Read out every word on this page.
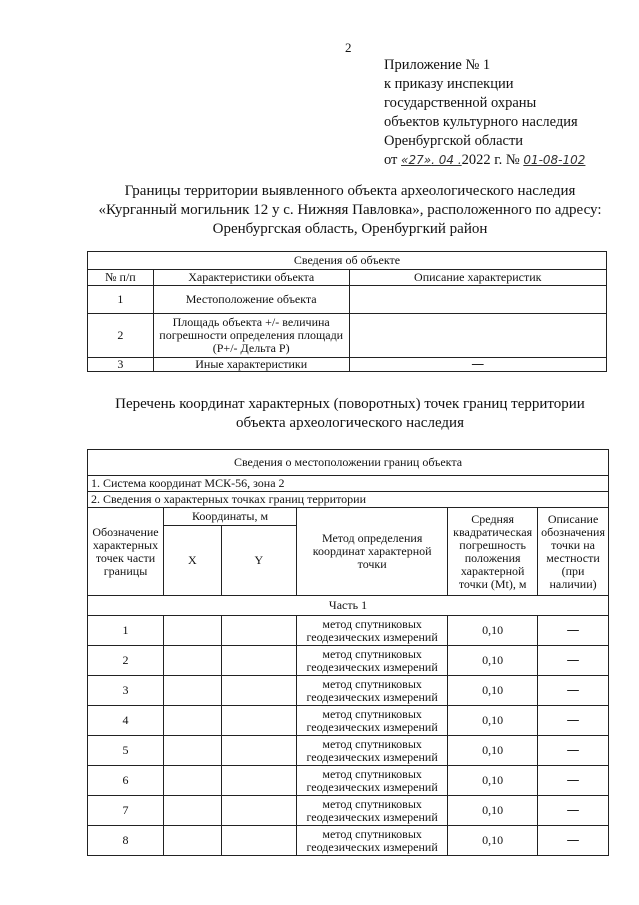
2
Приложение № 1
к приказу инспекции
государственной охраны
объектов культурного наследия
Оренбургской области
от «27». 04 .2022 г. № 01-08-102
Границы территории выявленного объекта археологического наследия
«Курганный могильник 12 у с. Нижняя Павловка», расположенного по адресу:
Оренбургская область, Оренбургкий район
Сведения об объекте		
№ п/п	Характеристики объекта	Описание характеристик
1	Местоположение объекта	
2	Площадь объекта +/- величина погрешности определения площади (Р+/- Дельта Р)	
3	Иные характеристики	—
Перечень координат характерных (поворотных) точек границ территории
объекта археологического наследия
Сведения о местоположении границ объекта					
1. Система координат МСК-56, зона 2					
2. Сведения о характерных точках границ территории					
Обозначение характерных точек части границы	Координаты, м		Метод определения координат характерной точки	Средняя квадратическая погрешность положения характерной точки (Mt), м	Описание обозначения точки на местности (при наличии)
	X	Y			
Часть 1					
1			метод спутниковых геодезических измерений	0,10	—
2			метод спутниковых геодезических измерений	0,10	—
3			метод спутниковых геодезических измерений	0,10	—
4			метод спутниковых геодезических измерений	0,10	—
5			метод спутниковых геодезических измерений	0,10	—
6			метод спутниковых геодезических измерений	0,10	—
7			метод спутниковых геодезических измерений	0,10	—
8			метод спутниковых геодезических измерений	0,10	—
